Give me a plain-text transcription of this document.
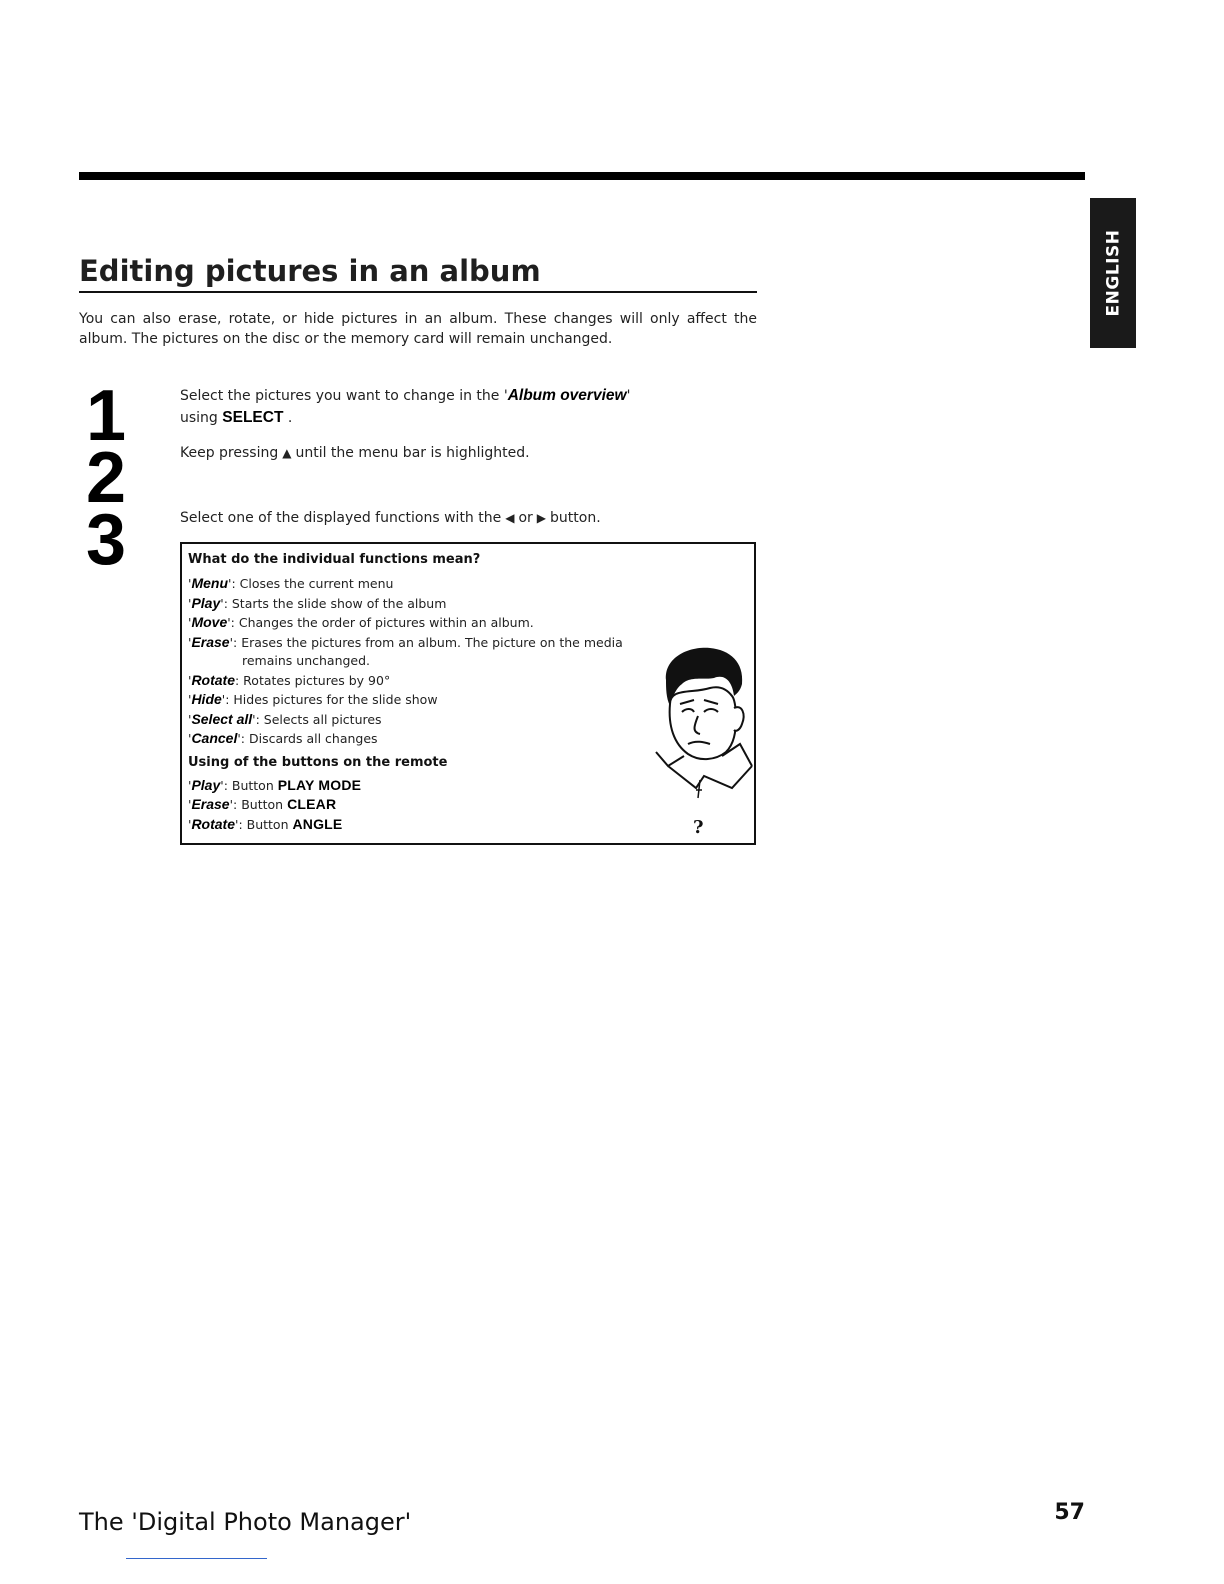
ENGLISH
Editing pictures in an album

You can also erase, rotate, or hide pictures in an album. These changes will only affect the album. The pictures on the disc or the memory card will remain unchanged.

1	Select the pictures you want to change in the 'Album overview'
using SELECT .
2	Keep pressing ▲ until the menu bar is highlighted.
3	Select one of the displayed functions with the ◀ or ▶ button.
What do the individual functions mean?
'Menu': Closes the current menu
'Play': Starts the slide show of the album
'Move': Changes the order of pictures within an album.
'Erase': Erases the pictures from an album. The picture on the media
remains unchanged.
'Rotate: Rotates pictures by 90°
'Hide': Hides pictures for the slide show
'Select all': Selects all pictures
'Cancel': Discards all changes
Using of the buttons on the remote
'Play': Button PLAY MODE
'Erase': Button CLEAR
'Rotate': Button ANGLE	?
The 'Digital Photo Manager'	57
